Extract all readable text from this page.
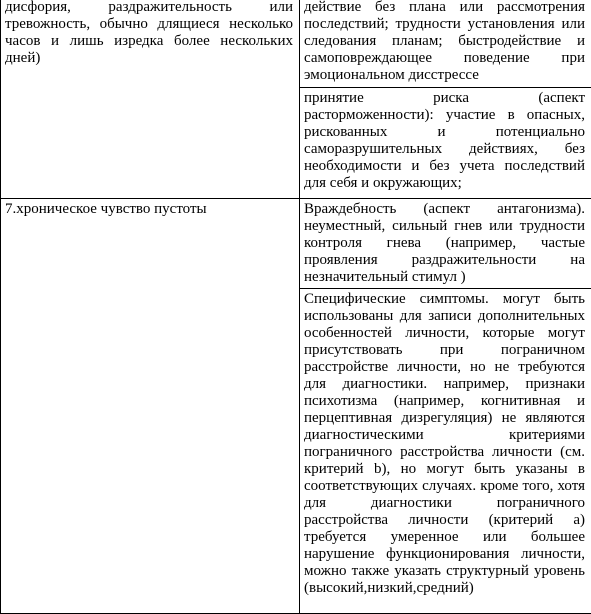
дисфория, раздражительность или тревожность, обычно длящиеся несколько часов и лишь изредка более нескольких дней)	действие без плана или рассмотрения последствий; трудности установления или следования планам; быстродействие и самоповреждающее поведение при эмоциональном дисстрессе
	принятие риска (аспект расторможенности): участие в опасных, рискованных и потенциально саморазрушительных действиях, без необходимости и без учета последствий для себя и окружающих;
7.хроническое чувство пустоты	Враждебность (аспект антагонизма). неуместный, сильный гнев или трудности контроля гнева (например, частые проявления раздражительности на незначительный стимул )
	Специфические симптомы. могут быть использованы для записи дополнительных особенностей личности, которые могут присутствовать при пограничном расстройстве личности, но не требуются для диагностики. например, признаки психотизма (например, когнитивная и перцептивная дизрегуляция) не являются диагностическими критериями пограничного расстройства личности (см. критерий b), но могут быть указаны в соответствующих случаях. кроме того, хотя для диагностики пограничного расстройства личности (критерий a) требуется умеренное или большее нарушение функционирования личности, можно также указать структурный уровень (высокий,низкий,средний)
